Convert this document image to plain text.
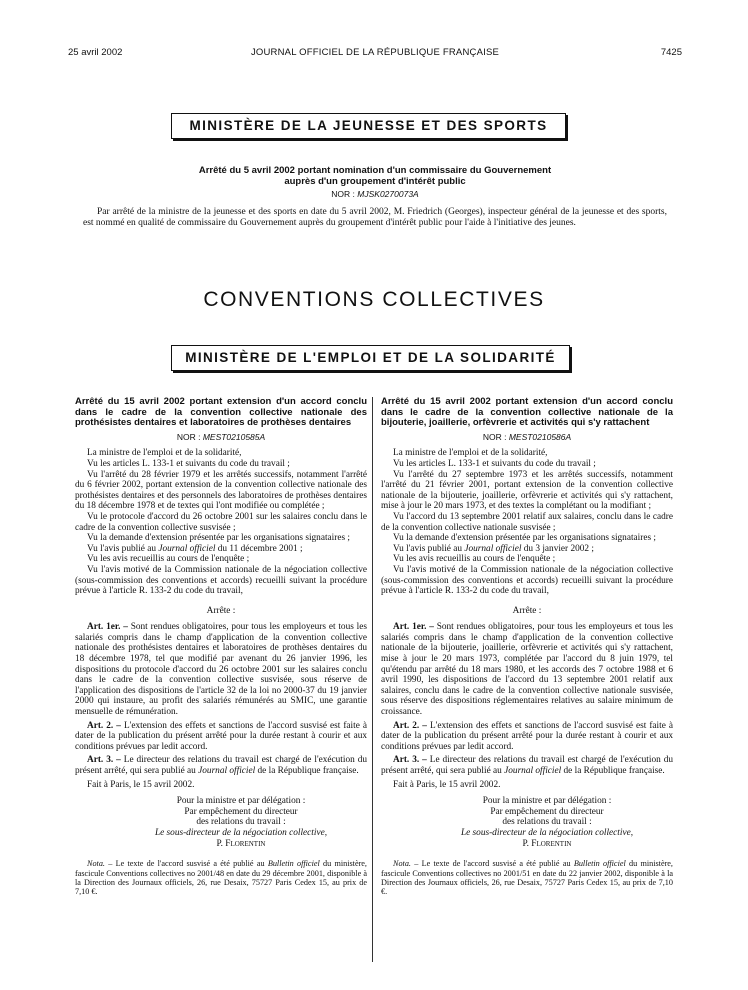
25 avril 2002	JOURNAL OFFICIEL DE LA RÉPUBLIQUE FRANÇAISE	7425
MINISTÈRE DE LA JEUNESSE ET DES SPORTS
Arrêté du 5 avril 2002 portant nomination d'un commissaire du Gouvernement
auprès d'un groupement d'intérêt public
NOR : MJSK0270073A

Par arrêté de la ministre de la jeunesse et des sports en date du 5 avril 2002, M. Friedrich (Georges), inspecteur général de la jeunesse et des sports, est nommé en qualité de commissaire du Gouvernement auprès du groupement d'intérêt public pour l'aide à l'initiative des jeunes.

CONVENTIONS COLLECTIVES
MINISTÈRE DE L'EMPLOI ET DE LA SOLIDARITÉ
Arrêté du 15 avril 2002 portant extension d'un accord conclu dans le cadre de la convention collective nationale des prothésistes dentaires et laboratoires de prothèses dentaires
NOR : MEST0210585A

La ministre de l'emploi et de la solidarité,

Vu les articles L. 133-1 et suivants du code du travail ;

Vu l'arrêté du 28 février 1979 et les arrêtés successifs, notamment l'arrêté du 6 février 2002, portant extension de la convention collective nationale des prothésistes dentaires et des personnels des laboratoires de prothèses dentaires du 18 décembre 1978 et de textes qui l'ont modifiée ou complétée ;

Vu le protocole d'accord du 26 octobre 2001 sur les salaires conclu dans le cadre de la convention collective susvisée ;

Vu la demande d'extension présentée par les organisations signataires ;

Vu l'avis publié au Journal officiel du 11 décembre 2001 ;

Vu les avis recueillis au cours de l'enquête ;

Vu l'avis motivé de la Commission nationale de la négociation collective (sous-commission des conventions et accords) recueilli suivant la procédure prévue à l'article R. 133-2 du code du travail,

Arrête :

Art. 1er. – Sont rendues obligatoires, pour tous les employeurs et tous les salariés compris dans le champ d'application de la convention collective nationale des prothésistes dentaires et laboratoires de prothèses dentaires du 18 décembre 1978, tel que modifié par avenant du 26 janvier 1996, les dispositions du protocole d'accord du 26 octobre 2001 sur les salaires conclu dans le cadre de la convention collective susvisée, sous réserve de l'application des dispositions de l'article 32 de la loi no 2000-37 du 19 janvier 2000 qui instaure, au profit des salariés rémunérés au SMIC, une garantie mensuelle de rémunération.

Art. 2. – L'extension des effets et sanctions de l'accord susvisé est faite à dater de la publication du présent arrêté pour la durée restant à courir et aux conditions prévues par ledit accord.

Art. 3. – Le directeur des relations du travail est chargé de l'exécution du présent arrêté, qui sera publié au Journal officiel de la République française.

Fait à Paris, le 15 avril 2002.

Pour la ministre et par délégation :
Par empêchement du directeur
des relations du travail :
Le sous-directeur de la négociation collective,
P. Florentin
Nota. – Le texte de l'accord susvisé a été publié au Bulletin officiel du ministère, fascicule Conventions collectives no 2001/48 en date du 29 décembre 2001, disponible à la Direction des Journaux officiels, 26, rue Desaix, 75727 Paris Cedex 15, au prix de 7,10 €.
Arrêté du 15 avril 2002 portant extension d'un accord conclu dans le cadre de la convention collective nationale de la bijouterie, joaillerie, orfèvrerie et activités qui s'y rattachent
NOR : MEST0210586A

La ministre de l'emploi et de la solidarité,

Vu les articles L. 133-1 et suivants du code du travail ;

Vu l'arrêté du 27 septembre 1973 et les arrêtés successifs, notamment l'arrêté du 21 février 2001, portant extension de la convention collective nationale de la bijouterie, joaillerie, orfèvrerie et activités qui s'y rattachent, mise à jour le 20 mars 1973, et des textes la complétant ou la modifiant ;

Vu l'accord du 13 septembre 2001 relatif aux salaires, conclu dans le cadre de la convention collective nationale susvisée ;

Vu la demande d'extension présentée par les organisations signataires ;

Vu l'avis publié au Journal officiel du 3 janvier 2002 ;

Vu les avis recueillis au cours de l'enquête ;

Vu l'avis motivé de la Commission nationale de la négociation collective (sous-commission des conventions et accords) recueilli suivant la procédure prévue à l'article R. 133-2 du code du travail,

Arrête :

Art. 1er. – Sont rendues obligatoires, pour tous les employeurs et tous les salariés compris dans le champ d'application de la convention collective nationale de la bijouterie, joaillerie, orfèvrerie et activités qui s'y rattachent, mise à jour le 20 mars 1973, complétée par l'accord du 8 juin 1979, tel qu'étendu par arrêté du 18 mars 1980, et les accords des 7 octobre 1988 et 6 avril 1990, les dispositions de l'accord du 13 septembre 2001 relatif aux salaires, conclu dans le cadre de la convention collective nationale susvisée, sous réserve des dispositions réglementaires relatives au salaire minimum de croissance.

Art. 2. – L'extension des effets et sanctions de l'accord susvisé est faite à dater de la publication du présent arrêté pour la durée restant à courir et aux conditions prévues par ledit accord.

Art. 3. – Le directeur des relations du travail est chargé de l'exécution du présent arrêté, qui sera publié au Journal officiel de la République française.

Fait à Paris, le 15 avril 2002.

Pour la ministre et par délégation :
Par empêchement du directeur
des relations du travail :
Le sous-directeur de la négociation collective,
P. Florentin
Nota. – Le texte de l'accord susvisé a été publié au Bulletin officiel du ministère, fascicule Conventions collectives no 2001/51 en date du 22 janvier 2002, disponible à la Direction des Journaux officiels, 26, rue Desaix, 75727 Paris Cedex 15, au prix de 7,10 €.
